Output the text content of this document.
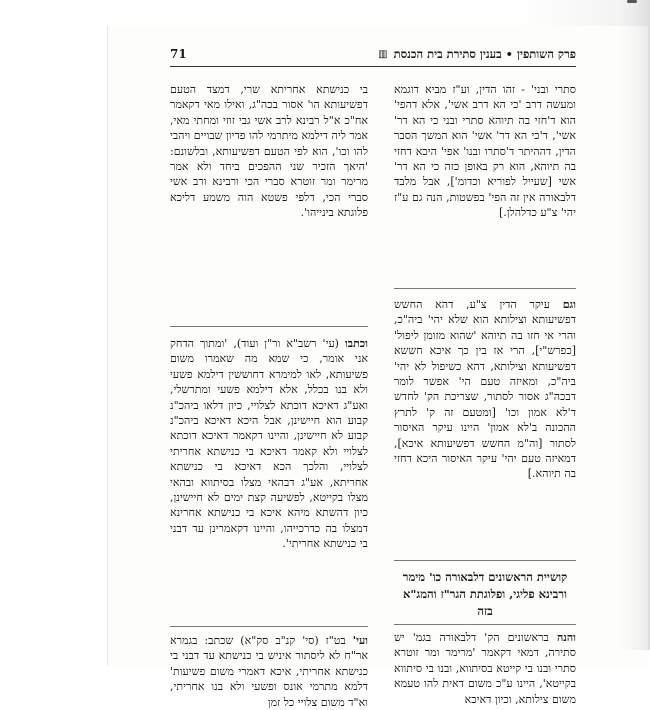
פרק השותפין • בענין סתירת בית הכנסת
▥
71

סתרי ובני' - זהו הדין, וע"ז מביא דוגמא ומעשה דרב 'כי הא דרב אשי', אלא דהפי' הוא ד'חזי בה תיוהא סתרי ובני כי הא דר' אשי', ד'כי הא דר' אשי' הוא המשך הסבר הדין, דההיתר ד'סתרו ובנו' אפי' היכא דחזי בה תיוהא, הוא רק באופן כזה כי הא דר' אשי [שעייל לפוריא וכדומ'], אבל מלבד דלבאורה אין זה הפי' בפשטות, הנה גם ע"ז יהי' צ"ע כדלהלן.]

וגם עיקר הדין צ"ע, דהא החשש דפשיעותא וצילותא הוא שלא יהי' ביה"כ, והרי אי חזו בה תיוהא 'שהוא מזומן ליפול' [כפרש"י], הרי אז בין כך איכא חששא דפשיעותא וצילותא, דהא כשיפול לא יהי' ביה"כ, ומאיזה טעם הי' אפשר לומר דבכה"ג אסור לסתור, שצריכת הק' לחדש ד'לא אמון וכו' [ומטעם זה ק' לתרץ ההכונה ב'לא אמון' היינו עיקר האיסור לסתור [וה"מ החשש דפשיעותא איכא], דמאיזה טעם יהי' עיקר האיסור היכא דחזי בה תיוהא.]

קושיית הראשונים דלבאורה כו' מימר ורבינא פליגי, ופלוגתת הגר"ז והמג"א בזה

והנה בראשונים הק' דלבאורה בגמ' יש סתירה, דמאי דקאמר 'מרימר ומר זוטרא סתרי ובנו בי קייטא בסיתווא, ובנו בי סיתווא בקייטא', היינו ע"כ משום דאית להו טעמא משום צילותא, וכיון דאיכא

בי כנישתא אחריתא שרי, דמצד הטעם דפשיעותא הו' אסור בכה"ג, ואילו מאי דקאמר אח"כ א"ל רבינא לרב אשי גבי זוזי ומחתי מאי, אמר ליה דילמא מיתרמי להו פדיון שבויים ויהבי להו וכו', הוא לפי הטעם דפשיעותא, ובלשונם: 'היאך הזכיר שני ההפכים ביחד ולא אמר מרימר ומר זוטרא סברי הכי ורבינא ורב אשי סברי הכי, דלפי פשטא הוה משמע דליכא פלוגתא בינייהו'.

וכתבו (עי' רשב"א ור"ן ועוד), 'ומתוך הדחק אני אומר, כי שמא מה שאמרו משום פשיעותא, לאו למימרא דחוששין דילמא פשעי ולא בנו בכלל, אלא דילמא פשעי ומתרשלי, ואע"ג דאיכא דוכתא לצלויי, כיון דלאו ביהכ"נ קבוע הוא חיישינן, אבל היכא דאיכא ביהכ"נ קבוע לא חיישינן, והיינו דקאמר דאיכא דוכתא לצלויי ולא קאמר דאיכא בי כנישתא אחריתי לצלויי, והלכך הכא דאיכא בי כנישתא אחריתא, אע"ג דבהאי מצלו בסיתווא ובהאי מצלו בקייטא, לפשיעה קצת ימים לא חיישינן, כיון דהשתא מיהא איכא בי כנישתא אחרינא דמצלו בה כדרכייהו, והיינו דקאמרינן עד דבני בי כנישתא אחריתי'.

ועי' בט"ז (סי' קנ"ב סק"א) שכתב: בגמרא אר"ח לא ליסתור איניש בי כנישתא עד דבני בי כנישתא אחריתי, איכא דאמרי משום פשיעות' דלמא מתרמי אונס ופשעי ולא בנו אחריתי, וא"ד משום צלויי כל זמן
